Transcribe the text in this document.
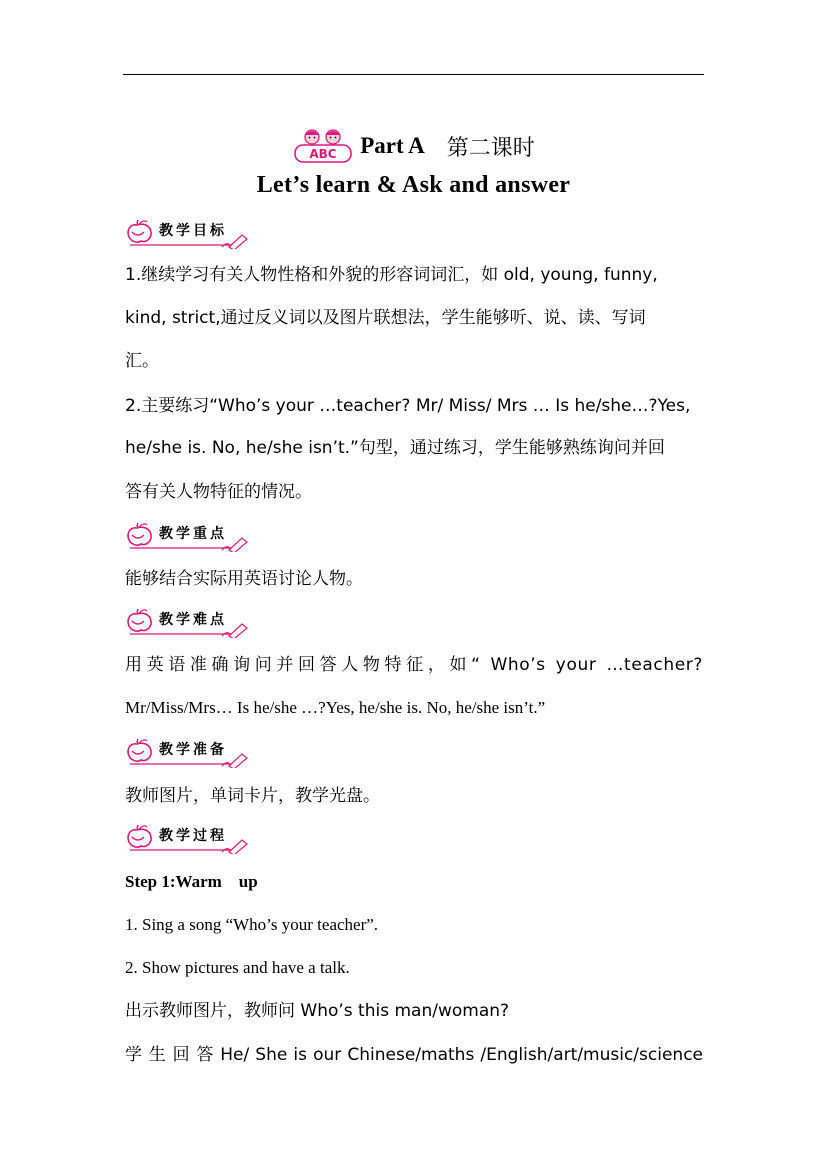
ABC Part A 第二课时
Let’s learn & Ask and answer
教学目标
1.继续学习有关人物性格和外貌的形容词词汇，如 old, young, funny,
kind, strict,通过反义词以及图片联想法，学生能够听、说、读、写词
汇。
2.主要练习“Who’s your …teacher? Mr/ Miss/ Mrs … Is he/she…?Yes,
he/she is. No, he/she isn’t.”句型，通过练习，学生能够熟练询问并回
答有关人物特征的情况。
教学重点
能够结合实际用英语讨论人物。
教学难点
用英语准确询问并回答人物特征，如“ Who’s your …teacher?
Mr/Miss/Mrs… Is he/she …?Yes, he/she is. No, he/she isn’t.”
教学准备
教师图片，单词卡片，教学光盘。
教学过程
Step 1:Warm　up
1. Sing a song “Who’s your teacher”.
2. Show pictures and have a talk.
出示教师图片，教师问 Who’s this man/woman?
学 生 回 答 He/ She is our Chinese/maths /English/art/music/science
